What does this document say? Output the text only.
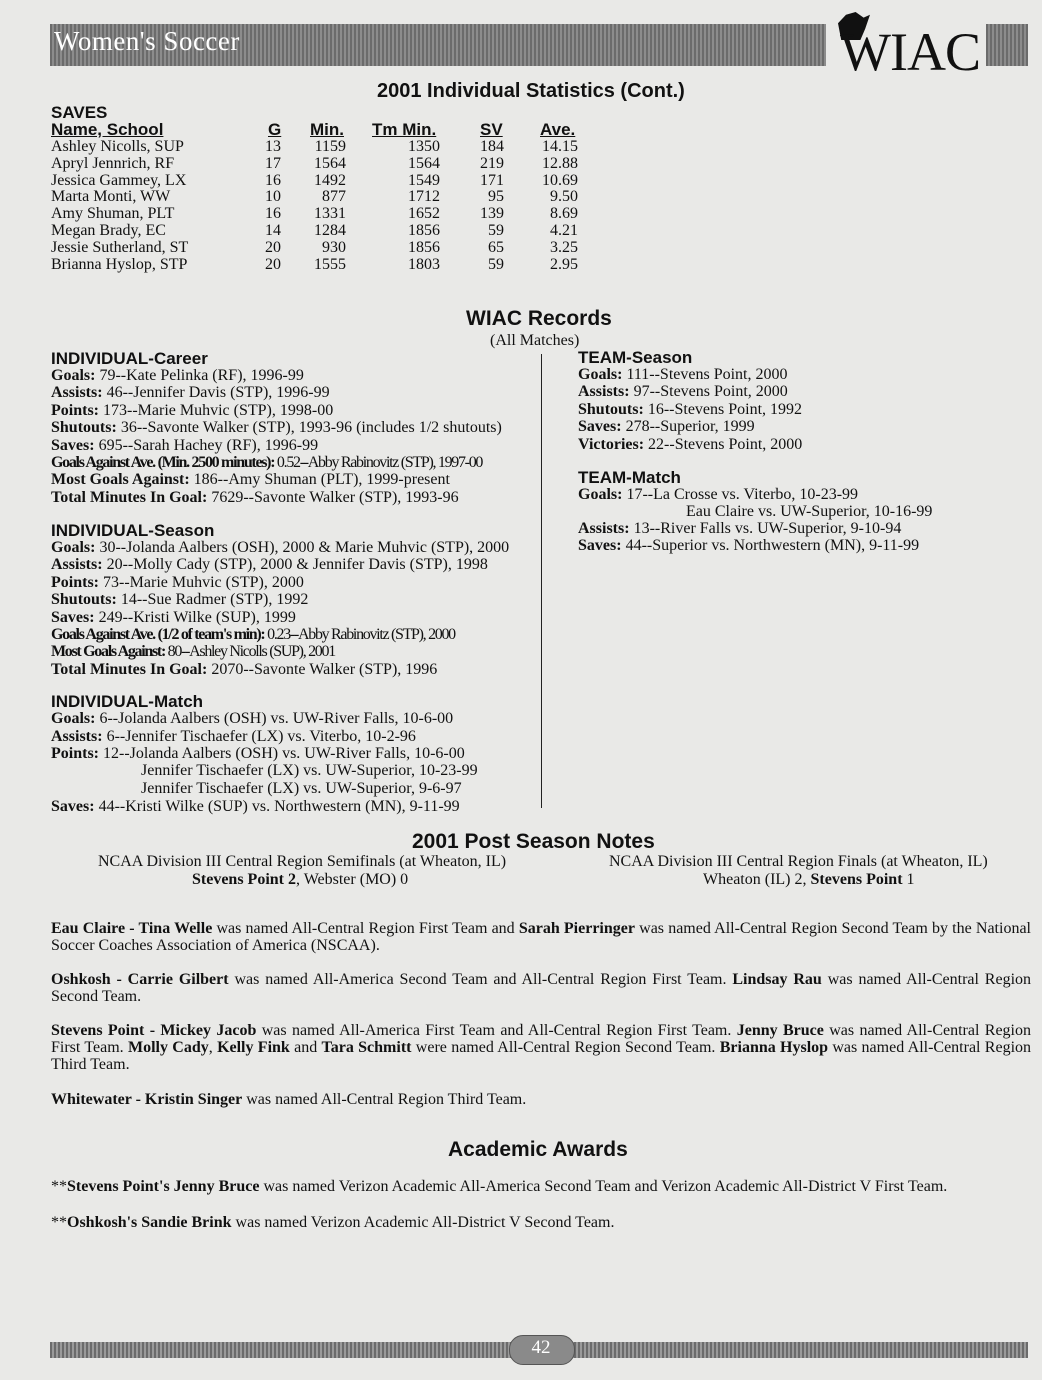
Women's Soccer	WIAC
2001 Individual Statistics (Cont.)
SAVES
Name, School	G Min. Tm Min.	SV Ave.
Ashley Nicolls, SUP	13	1159	1350	184	14.15
Apryl Jennrich, RF	17	1564	1564	219	12.88
Jessica Gammey, LX	16	1492	1549	171	10.69
Marta Monti, WW	10	877	1712	95	9.50
Amy Shuman, PLT	16	1331	1652	139	8.69
Megan Brady, EC	14	1284	1856	59	4.21
Jessie Sutherland, ST	20	930	1856	65	3.25
Brianna Hyslop, STP	20	1555	1803	59	2.95
WIAC Records
(All Matches)
INDIVIDUAL-Career
Goals: 79--Kate Pelinka (RF), 1996-99
Assists: 46--Jennifer Davis (STP), 1996-99
Points: 173--Marie Muhvic (STP), 1998-00
Shutouts: 36--Savonte Walker (STP), 1993-96 (includes 1/2 shutouts)
Saves: 695--Sarah Hachey (RF), 1996-99
Goals Against Ave. (Min. 2500 minutes): 0.52--Abby Rabinovitz (STP), 1997-00
Most Goals Against: 186--Amy Shuman (PLT), 1999-present
Total Minutes In Goal: 7629--Savonte Walker (STP), 1993-96
INDIVIDUAL-Season
Goals: 30--Jolanda Aalbers (OSH), 2000 & Marie Muhvic (STP), 2000
Assists: 20--Molly Cady (STP), 2000 & Jennifer Davis (STP), 1998
Points: 73--Marie Muhvic (STP), 2000
Shutouts: 14--Sue Radmer (STP), 1992
Saves: 249--Kristi Wilke (SUP), 1999
Goals Against Ave. (1/2 of team's min): 0.23--Abby Rabinovitz (STP), 2000
Most Goals Against: 80--Ashley Nicolls (SUP), 2001
Total Minutes In Goal: 2070--Savonte Walker (STP), 1996
INDIVIDUAL-Match
Goals: 6--Jolanda Aalbers (OSH) vs. UW-River Falls, 10-6-00
Assists: 6--Jennifer Tischaefer (LX) vs. Viterbo, 10-2-96
Points: 12--Jolanda Aalbers (OSH) vs. UW-River Falls, 10-6-00
Jennifer Tischaefer (LX) vs. UW-Superior, 10-23-99
Jennifer Tischaefer (LX) vs. UW-Superior, 9-6-97
Saves: 44--Kristi Wilke (SUP) vs. Northwestern (MN), 9-11-99
TEAM-Season
Goals: 111--Stevens Point, 2000
Assists: 97--Stevens Point, 2000
Shutouts: 16--Stevens Point, 1992
Saves: 278--Superior, 1999
Victories: 22--Stevens Point, 2000
TEAM-Match
Goals: 17--La Crosse vs. Viterbo, 10-23-99
Eau Claire vs. UW-Superior, 10-16-99
Assists: 13--River Falls vs. UW-Superior, 9-10-94
Saves: 44--Superior vs. Northwestern (MN), 9-11-99
2001 Post Season Notes
NCAA Division III Central Region Semifinals (at Wheaton, IL)
Stevens Point 2, Webster (MO) 0
NCAA Division III Central Region Finals (at Wheaton, IL)
Wheaton (IL) 2, Stevens Point 1
Eau Claire - Tina Welle was named All-Central Region First Team and Sarah Pierringer was named All-Central Region Second Team by the National Soccer Coaches Association of America (NSCAA).
Oshkosh - Carrie Gilbert was named All-America Second Team and All-Central Region First Team. Lindsay Rau was named All-Central Region Second Team.
Stevens Point - Mickey Jacob was named All-America First Team and All-Central Region First Team. Jenny Bruce was named All-Central Region First Team. Molly Cady, Kelly Fink and Tara Schmitt were named All-Central Region Second Team. Brianna Hyslop was named All-Central Region Third Team.
Whitewater - Kristin Singer was named All-Central Region Third Team.
Academic Awards
**Stevens Point's Jenny Bruce was named Verizon Academic All-America Second Team and Verizon Academic All-District V First Team.
**Oshkosh's Sandie Brink was named Verizon Academic All-District V Second Team.
42
